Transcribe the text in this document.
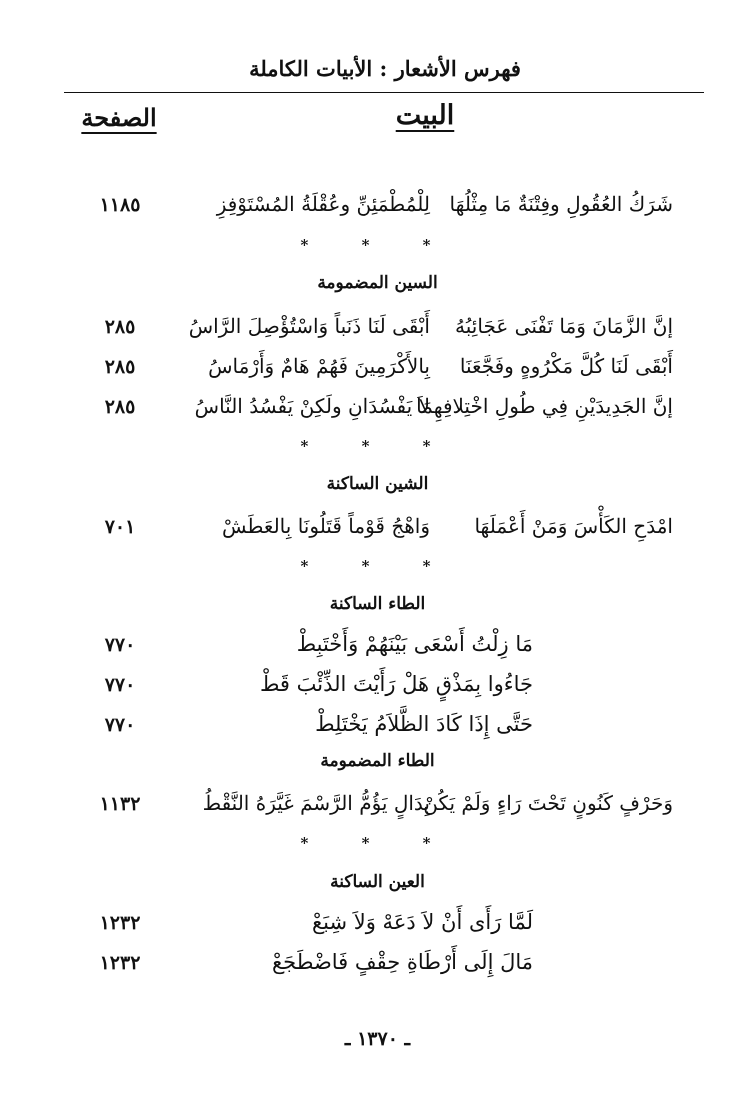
فهرس الأشعار : الأبيات الكاملة
البيت
الصفحة
شَرَكُ العُقُولِ وفِتْنَةٌ مَا مِثْلُهَا
لِلْمُطْمَئِنِّ وعُقْلَةُ المُسْتَوْفِزِ
١١٨٥
* * *
السين المضمومة
إنَّ الزَّمَانَ وَمَا تَفْنَى عَجَائِبُهُ
أَبْقَى لَنَا ذَنَباً وَاسْتُؤْصِلَ الرَّاسُ
٢٨٥
أَبْقَى لَنَا كُلَّ مَكْرُوهٍ وفَجَّعَنَا
بِالأَكْرَمِينَ فَهُمْ هَامٌ وَأَرْمَاسُ
٢٨٥
إنَّ الجَدِيدَيْنِ فِي طُولِ اخْتِلافِهِمَا
لاَ يَفْسُدَانِ ولَكِنْ يَفْسُدُ النَّاسُ
٢٨٥
* * *
الشين الساكنة
امْدَحِ الكَأْسَ وَمَنْ أَعْمَلَهَا
وَاهْجُ قَوْماً قَتَلُونَا بِالعَطَشْ
٧٠١
* * *
الطاء الساكنة
مَا زِلْتُ أَسْعَى بَيْنَهُمْ وَأَخْتَبِطْ
٧٧٠
جَاءُوا بِمَذْقٍ هَلْ رَأَيْتَ الذِّئْبَ قَطْ
٧٧٠
حَتَّى إِذَا كَادَ الظَّلاَمُ يَخْتَلِطْ
٧٧٠
الطاء المضمومة
وَحَرْفٍ كَنُونٍ تَحْتَ رَاءٍ وَلَمْ يَكُنْ
بِدَالٍ يَؤُمُّ الرَّسْمَ غَيَّرَهُ النَّقْطُ
١١٣٢
* * *
العين الساكنة
لَمَّا رَأَى أَنْ لاَ دَعَهْ وَلاَ شِبَعْ
١٢٣٢
مَالَ إِلَى أَرْطَاةِ حِقْفٍ فَاضْطَجَعْ
١٢٣٢
ـ ١٣٧٠ ـ
